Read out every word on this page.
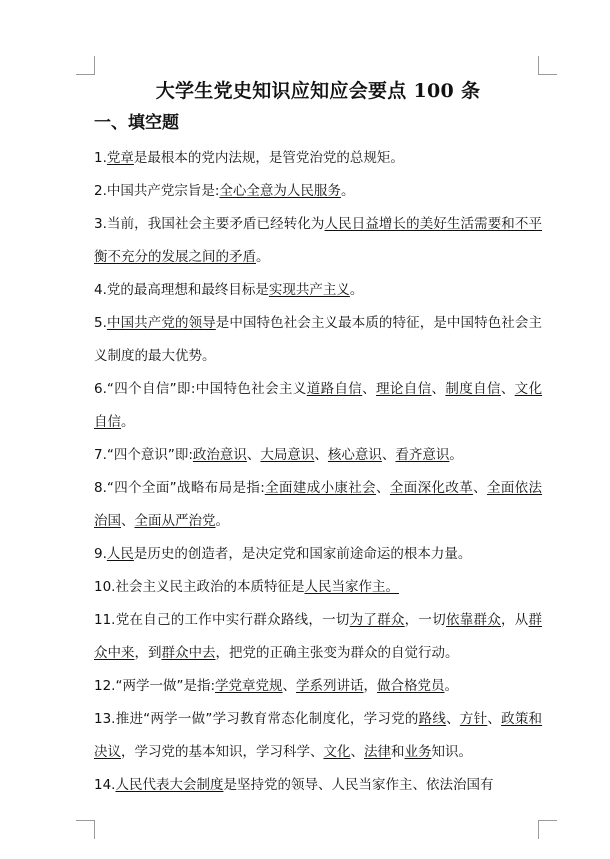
大学生党史知识应知应会要点 100 条
一、填空题

1.党章是最根本的党内法规，是管党治党的总规矩。

2.中国共产党宗旨是:全心全意为人民服务。

3.当前，我国社会主要矛盾已经转化为人民日益增长的美好生活需要和不平衡不充分的发展之间的矛盾。

4.党的最高理想和最终目标是实现共产主义。

5.中国共产党的领导是中国特色社会主义最本质的特征，是中国特色社会主义制度的最大优势。

6.“四个自信”即:中国特色社会主义道路自信、理论自信、制度自信、文化自信。

7.“四个意识”即:政治意识、大局意识、核心意识、看齐意识。

8.“四个全面”战略布局是指:全面建成小康社会、全面深化改革、全面依法治国、全面从严治党。

9.人民是历史的创造者，是决定党和国家前途命运的根本力量。

10.社会主义民主政治的本质特征是人民当家作主。

11.党在自己的工作中实行群众路线，一切为了群众，一切依靠群众，从群众中来，到群众中去，把党的正确主张变为群众的自觉行动。

12.“两学一做”是指:学党章党规、学系列讲话，做合格党员。

13.推进“两学一做”学习教育常态化制度化，学习党的路线、方针、政策和决议，学习党的基本知识，学习科学、文化、法律和业务知识。

14.人民代表大会制度是坚持党的领导、人民当家作主、依法治国有
